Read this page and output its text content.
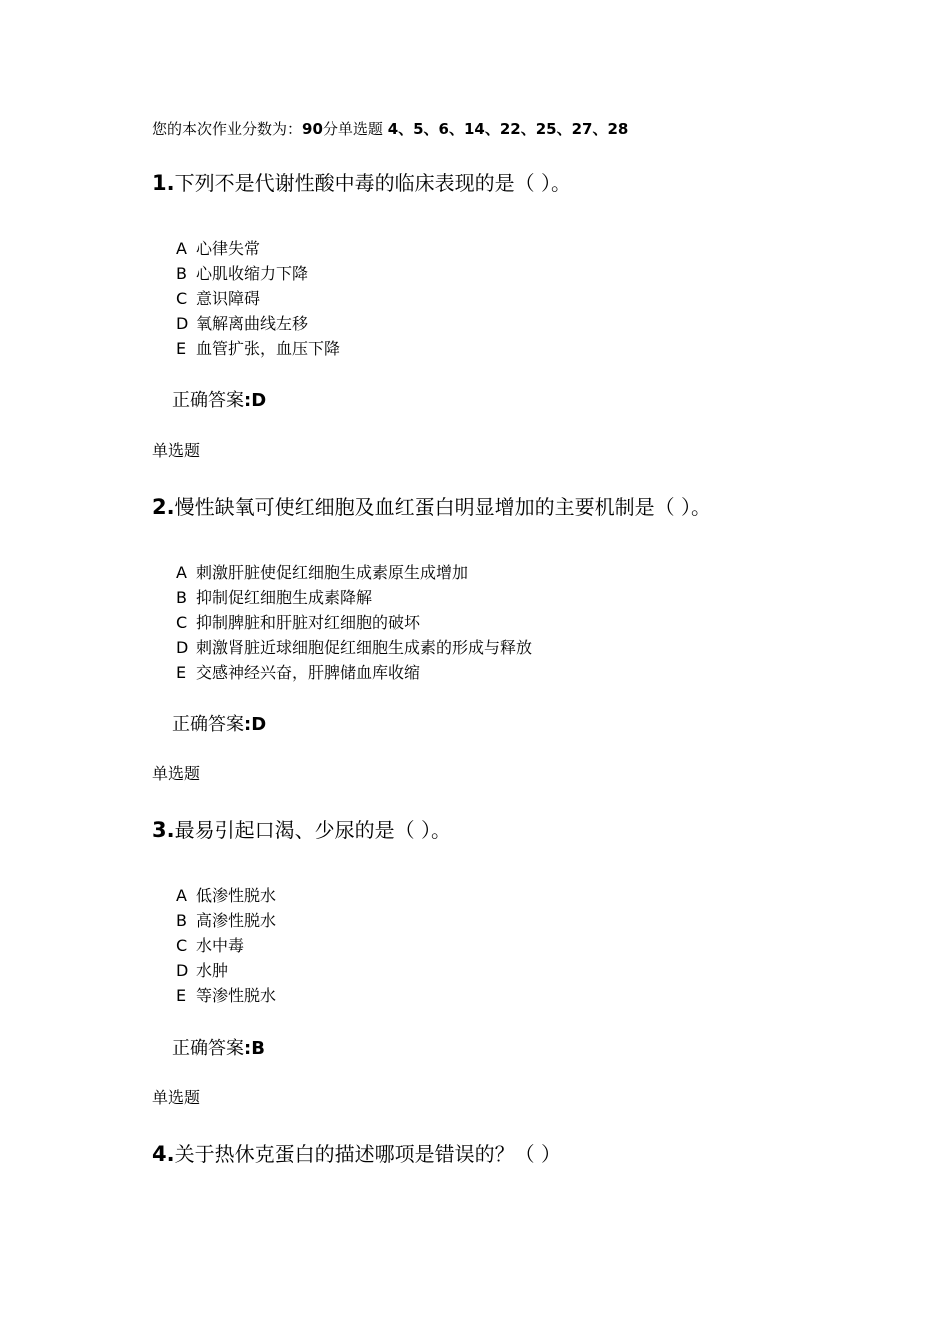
您的本次作业分数为：90分单选题 4、5、6、14、22、25、27、28
1.下列不是代谢性酸中毒的临床表现的是（ ）。
A 心律失常
B 心肌收缩力下降
C 意识障碍
D 氧解离曲线左移
E 血管扩张，血压下降
正确答案:D
单选题
2.慢性缺氧可使红细胞及血红蛋白明显增加的主要机制是（ ）。
A 刺激肝脏使促红细胞生成素原生成增加
B 抑制促红细胞生成素降解
C 抑制脾脏和肝脏对红细胞的破坏
D 刺激肾脏近球细胞促红细胞生成素的形成与释放
E 交感神经兴奋，肝脾储血库收缩
正确答案:D
单选题
3.最易引起口渴、少尿的是（ ）。
A 低渗性脱水
B 高渗性脱水
C 水中毒
D 水肿
E 等渗性脱水
正确答案:B
单选题
4.关于热休克蛋白的描述哪项是错误的？（ ）
